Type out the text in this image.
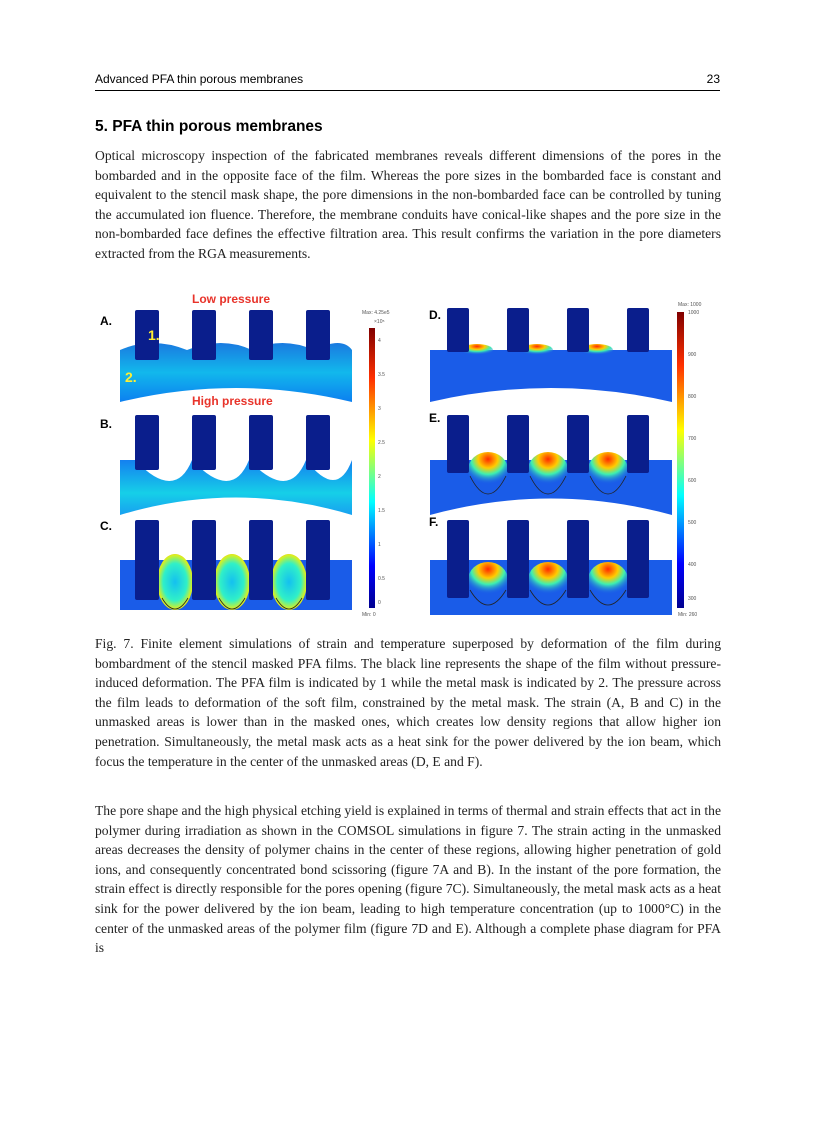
Advanced PFA thin porous membranes	23
5. PFA thin porous membranes
Optical microscopy inspection of the fabricated membranes reveals different dimensions of the pores in the bombarded and in the opposite face of the film. Whereas the pore sizes in the bombarded face is constant and equivalent to the stencil mask shape, the pore dimensions in the non-bombarded face can be controlled by tuning the accumulated ion fluence. Therefore, the membrane conduits have conical-like shapes and the pore size in the non-bombarded face defines the effective filtration area. This result confirms the variation in the pore diameters extracted from the RGA measurements.
Max: 4.25e5
×10⁵
4
3.5
3
2.5
2
1.5
1
0.5
0
Min: 0
Max: 1000
1000
900
800
700
600
500
400
300
Min: 260
Low pressure
High pressure
1.
2.
A.
B.
C.
D.
E.
F.
Fig. 7. Finite element simulations of strain and temperature superposed by deformation of the film during bombardment of the stencil masked PFA films. The black line represents the shape of the film without pressure-induced deformation. The PFA film is indicated by 1 while the metal mask is indicated by 2. The pressure across the film leads to deformation of the soft film, constrained by the metal mask. The strain (A, B and C) in the unmasked areas is lower than in the masked ones, which creates low density regions that allow higher ion penetration. Simultaneously, the metal mask acts as a heat sink for the power delivered by the ion beam, which focus the temperature in the center of the unmasked areas (D, E and F).
The pore shape and the high physical etching yield is explained in terms of thermal and strain effects that act in the polymer during irradiation as shown in the COMSOL simulations in figure 7. The strain acting in the unmasked areas decreases the density of polymer chains in the center of these regions, allowing higher penetration of gold ions, and consequently concentrated bond scissoring (figure 7A and B). In the instant of the pore formation, the strain effect is directly responsible for the pores opening (figure 7C). Simultaneously, the metal mask acts as a heat sink for the power delivered by the ion beam, leading to high temperature concentration (up to 1000°C) in the center of the unmasked areas of the polymer film (figure 7D and E). Although a complete phase diagram for PFA is
